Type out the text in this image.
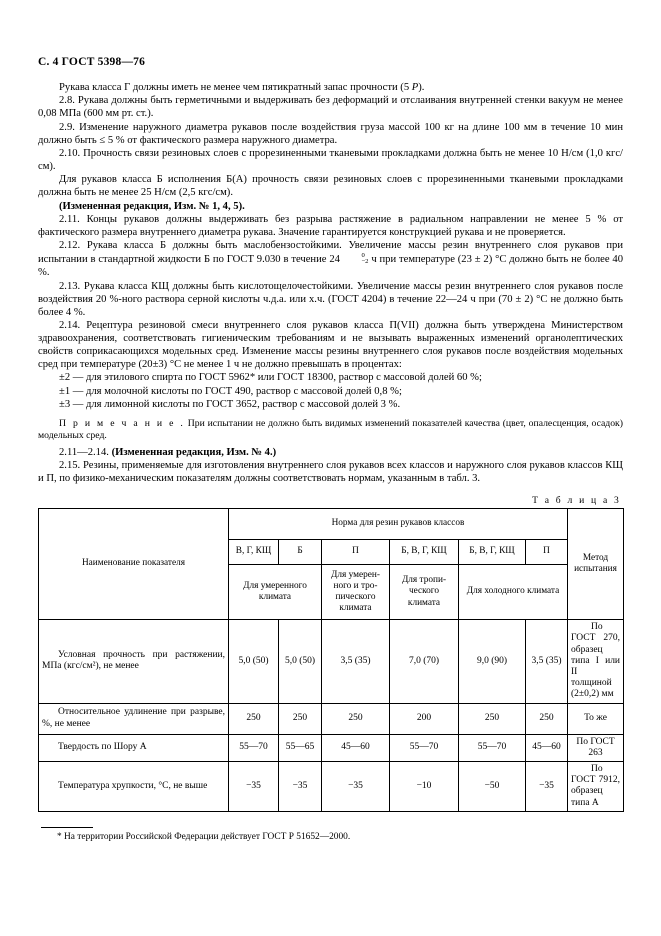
С. 4 ГОСТ 5398—76

Рукава класса Г должны иметь не менее чем пятикратный запас прочности (5 P).

2.8. Рукава должны быть герметичными и выдерживать без деформаций и отслаивания внутренней стенки вакуум не менее 0,08 МПа (600 мм рт. ст.).

2.9. Изменение наружного диаметра рукавов после воздействия груза массой 100 кг на длине 100 мм в течение 10 мин должно быть ≤ 5 % от фактического размера наружного диаметра.

2.10. Прочность связи резиновых слоев с прорезиненными тканевыми прокладками должна быть не менее 10 Н/см (1,0 кгс/см).

Для рукавов класса Б исполнения Б(А) прочность связи резиновых слоев с прорезиненными тканевыми прокладками должна быть не менее 25 Н/см (2,5 кгс/см).

(Измененная редакция, Изм. № 1, 4, 5).

2.11. Концы рукавов должны выдерживать без разрыва растяжение в радиальном направлении не менее 5 % от фактического размера внутреннего диаметра рукава. Значение гарантируется конструкцией рукава и не проверяется.

2.12. Рукава класса Б должны быть маслобензостойкими. Увеличение массы резин внутреннего слоя рукавов при испытании в стандартной жидкости Б по ГОСТ 9.030 в течение 24	0
−2 ч при температуре (23 ± 2) °С должно быть не более 40 %.

2.13. Рукава класса КЩ должны быть кислотощелочестойкими. Увеличение массы резин внутреннего слоя рукавов после воздействия 20 %-ного раствора серной кислоты ч.д.а. или х.ч. (ГОСТ 4204) в течение 22—24 ч при (70 ± 2) °С не должно быть более 4 %.

2.14. Рецептура резиновой смеси внутреннего слоя рукавов класса П(VII) должна быть утверждена Министерством здравоохранения, соответствовать гигиеническим требованиям и не вызывать выраженных изменений органолептических свойств соприкасающихся модельных сред. Изменение массы резины внутреннего слоя рукавов после воздействия модельных сред при температуре (20±3) °С не менее 1 ч не должно превышать в процентах:

±2 — для этилового спирта по ГОСТ 5962* или ГОСТ 18300, раствор с массовой долей 60 %;

±1 — для молочной кислоты по ГОСТ 490, раствор с массовой долей 0,8 %;

±3 — для лимонной кислоты по ГОСТ 3652, раствор с массовой долей 3 %.

П р и м е ч а н и е . При испытании не должно быть видимых изменений показателей качества (цвет, опалесценция, осадок) модельных сред.

2.11—2.14. (Измененная редакция, Изм. № 4.)

2.15. Резины, применяемые для изготовления внутреннего слоя рукавов всех классов и наружного слоя рукавов классов КЩ и П, по физико-механическим показателям должны соответствовать нормам, указанным в табл. 3.

Т а б л и ц а 3
Наименование показателя	Норма для резин рукавов классов						Метод
испытания

	В, Г, КЩ	Б	П	Б, В, Г, КЩ	Б, В, Г, КЩ	П	
	Для умеренного климата		Для умерен-ного и тро-пического климата	Для тропи-ческого климата	Для холодного климата		
Условная прочность при растяжении, МПа (кгс/см²), не менее	5,0 (50)	5,0 (50)	3,5 (35)	7,0 (70)	9,0 (90)	3,5 (35)	По ГОСТ 270, образец типа I или II толщиной (2±0,2) мм
Относительное удлинение при разрыве, %, не менее	250	250	250	200	250	250	То же
Твердость по Шору А	55—70	55—65	45—60	55—70	55—70	45—60	По ГОСТ 263
Температура хрупкости, °С, не выше	−35	−35	−35	−10	−50	−35	По ГОСТ 7912, образец типа А

* На территории Российской Федерации действует ГОСТ Р 51652—2000.
